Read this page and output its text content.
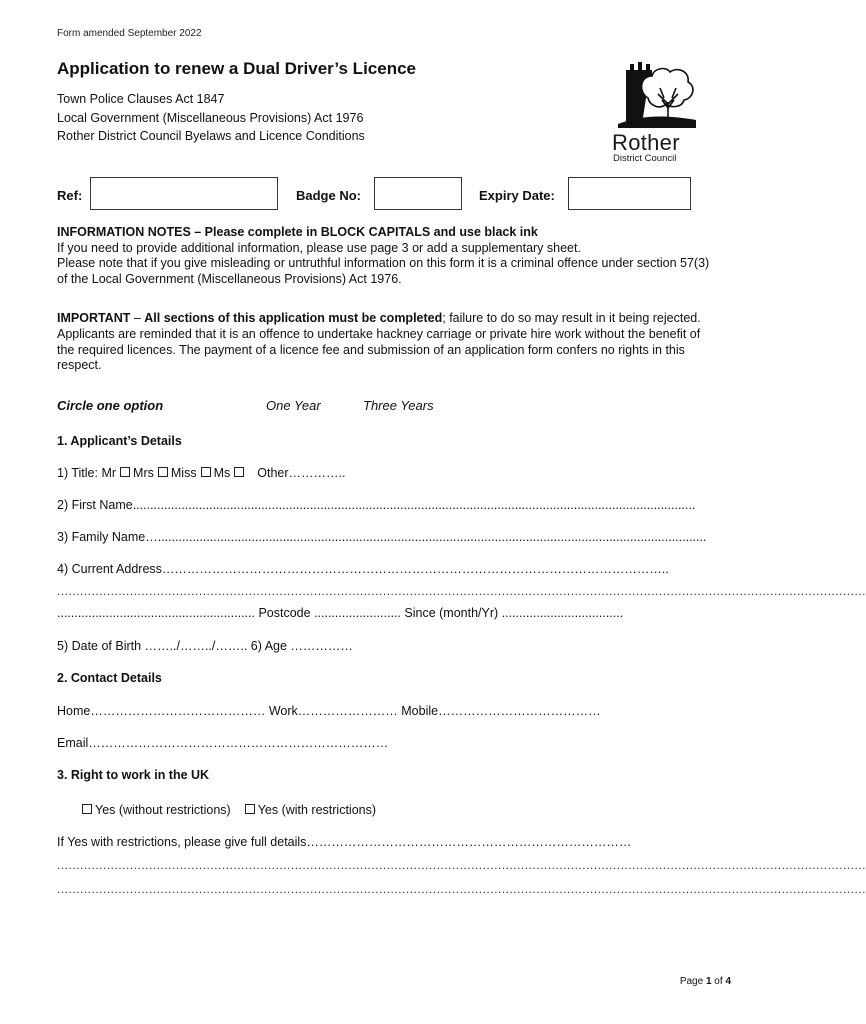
Form amended September 2022
Application to renew a Dual Driver’s Licence
Town Police Clauses Act 1847
Local Government (Miscellaneous Provisions) Act 1976
Rother District Council Byelaws and Licence Conditions	Rother
District Council
Ref:	Badge No:	Expiry Date:
INFORMATION NOTES – Please complete in BLOCK CAPITALS and use black ink
If you need to provide additional information, please use page 3 or add a supplementary sheet.
Please note that if you give misleading or untruthful information on this form it is a criminal offence under section 57(3) of the Local Government (Miscellaneous Provisions) Act 1976.
IMPORTANT – All sections of this application must be completed; failure to do so may result in it being rejected. Applicants are reminded that it is an offence to undertake hackney carriage or private hire work without the benefit of the required licences. The payment of a licence fee and submission of an application form confers no rights in this respect.
Circle one option	One Year	Three Years
1. Applicant’s Details
1) Title: Mr Mrs Miss Ms Other…………..
2) First Name..................................................................................................................................................................
3) Family Name…..............................................................................................................................................................
4) Current Address…………………………………………………………………………………………………………..
...................................................................................................................................................................................................................
......................................................... Postcode ......................... Since (month/Yr) ...................................
5) Date of Birth ……../……../…….. 6) Age ……………
2. Contact Details
Home…………………………………… Work…………………… Mobile…………………………………
Email………………………………………………………………
3. Right to work in the UK
Yes (without restrictions) Yes (with restrictions)
If Yes with restrictions, please give full details……………………………………………………………………
...................................................................................................................................................................................................................
...................................................................................................................................................................................................................
Page 1 of 4
